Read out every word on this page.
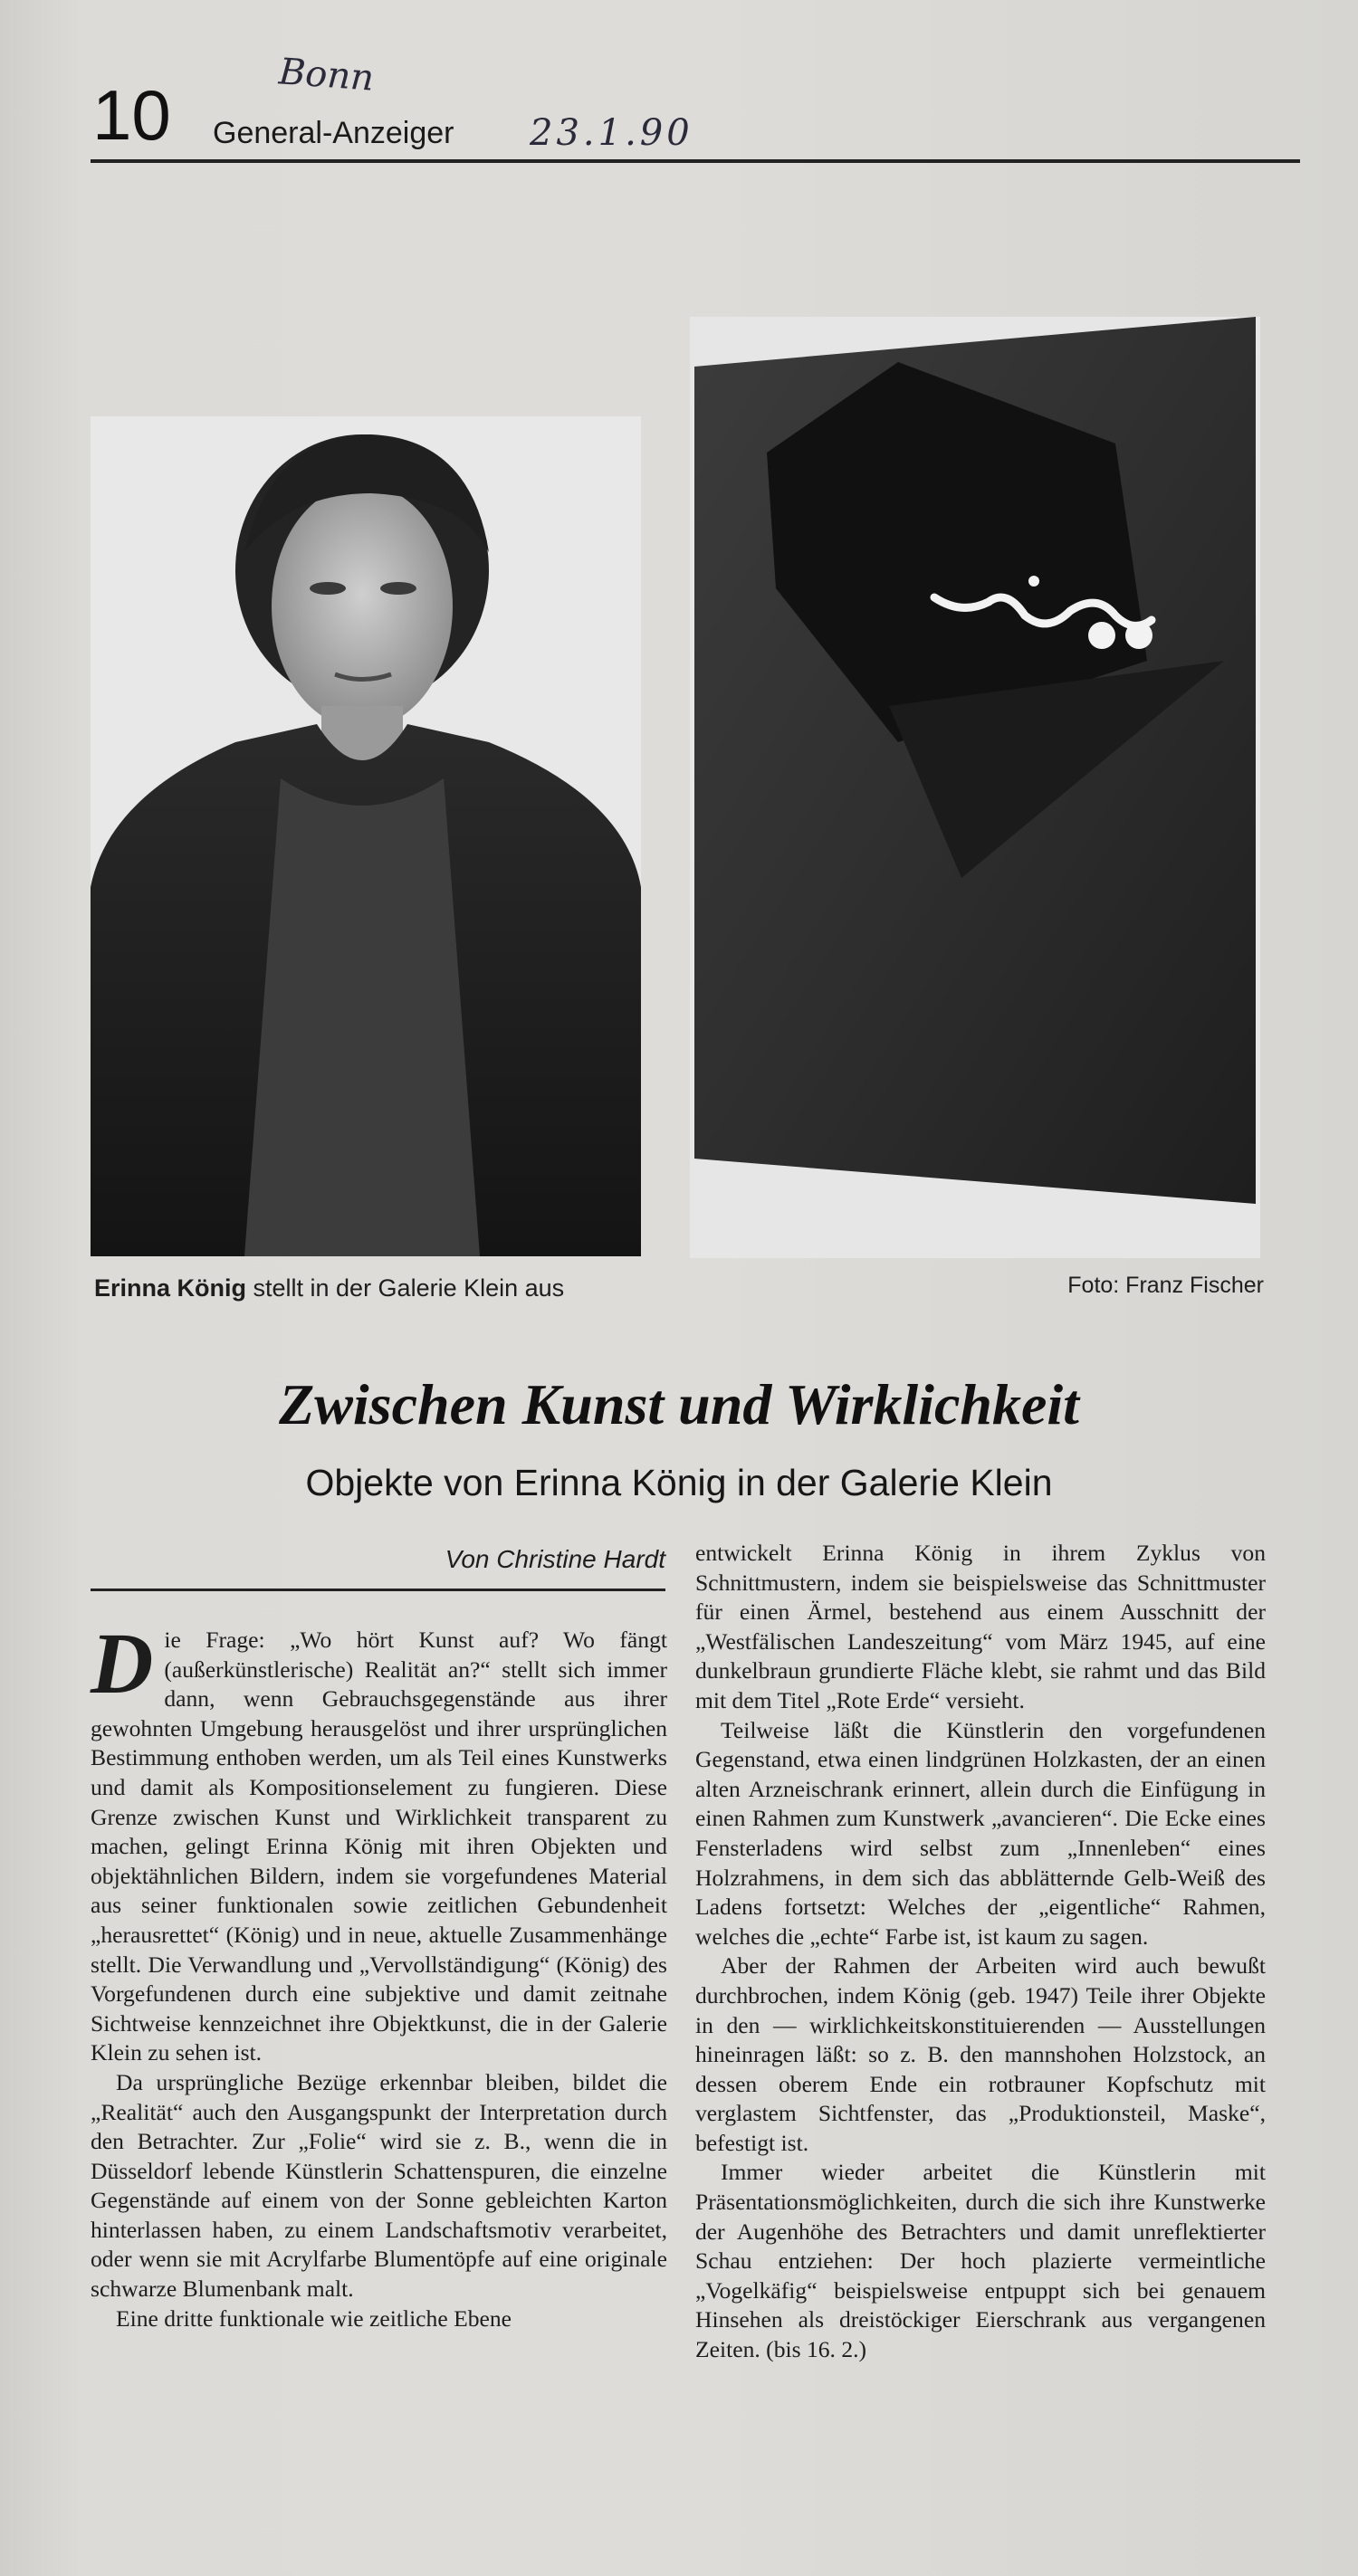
10 General-Anzeiger
Bonn
23.1.90
Erinna König stellt in der Galerie Klein aus	Foto: Franz Fischer
Zwischen Kunst und Wirklichkeit
Objekte von Erinna König in der Galerie Klein
Von Christine Hardt

Die Frage: „Wo hört Kunst auf? Wo fängt (außerkünstlerische) Realität an?“ stellt sich immer dann, wenn Gebrauchsgegenstände aus ihrer gewohnten Umgebung herausgelöst und ihrer ursprünglichen Bestimmung enthoben werden, um als Teil eines Kunstwerks und damit als Kompositionselement zu fungieren. Diese Grenze zwischen Kunst und Wirklichkeit transparent zu machen, gelingt Erinna König mit ihren Objekten und objektähnlichen Bildern, indem sie vorgefundenes Material aus seiner funktionalen sowie zeitlichen Gebundenheit „herausrettet“ (König) und in neue, aktuelle Zusammenhänge stellt. Die Verwandlung und „Vervollständigung“ (König) des Vorgefundenen durch eine subjektive und damit zeitnahe Sichtweise kennzeichnet ihre Objektkunst, die in der Galerie Klein zu sehen ist.

Da ursprüngliche Bezüge erkennbar bleiben, bildet die „Realität“ auch den Ausgangspunkt der Interpretation durch den Betrachter. Zur „Folie“ wird sie z. B., wenn die in Düsseldorf lebende Künstlerin Schattenspuren, die einzelne Gegenstände auf einem von der Sonne gebleichten Karton hinterlassen haben, zu einem Landschaftsmotiv verarbeitet, oder wenn sie mit Acrylfarbe Blumentöpfe auf eine originale schwarze Blumenbank malt.

Eine dritte funktionale wie zeitliche Ebene

entwickelt Erinna König in ihrem Zyklus von Schnittmustern, indem sie beispielsweise das Schnittmuster für einen Ärmel, bestehend aus einem Ausschnitt der „Westfälischen Landeszeitung“ vom März 1945, auf eine dunkelbraun grundierte Fläche klebt, sie rahmt und das Bild mit dem Titel „Rote Erde“ versieht.

Teilweise läßt die Künstlerin den vorgefundenen Gegenstand, etwa einen lindgrünen Holzkasten, der an einen alten Arzneischrank erinnert, allein durch die Einfügung in einen Rahmen zum Kunstwerk „avancieren“. Die Ecke eines Fensterladens wird selbst zum „Innenleben“ eines Holzrahmens, in dem sich das abblätternde Gelb-Weiß des Ladens fortsetzt: Welches der „eigentliche“ Rahmen, welches die „echte“ Farbe ist, ist kaum zu sagen.

Aber der Rahmen der Arbeiten wird auch bewußt durchbrochen, indem König (geb. 1947) Teile ihrer Objekte in den — wirklichkeitskonstituierenden — Ausstellungen hineinragen läßt: so z. B. den mannshohen Holzstock, an dessen oberem Ende ein rotbrauner Kopfschutz mit verglastem Sichtfenster, das „Produktionsteil, Maske“, befestigt ist.

Immer wieder arbeitet die Künstlerin mit Präsentationsmöglichkeiten, durch die sich ihre Kunstwerke der Augenhöhe des Betrachters und damit unreflektierter Schau entziehen: Der hoch plazierte vermeintliche „Vogelkäfig“ beispielsweise entpuppt sich bei genauem Hinsehen als dreistöckiger Eierschrank aus vergangenen Zeiten. (bis 16. 2.)
